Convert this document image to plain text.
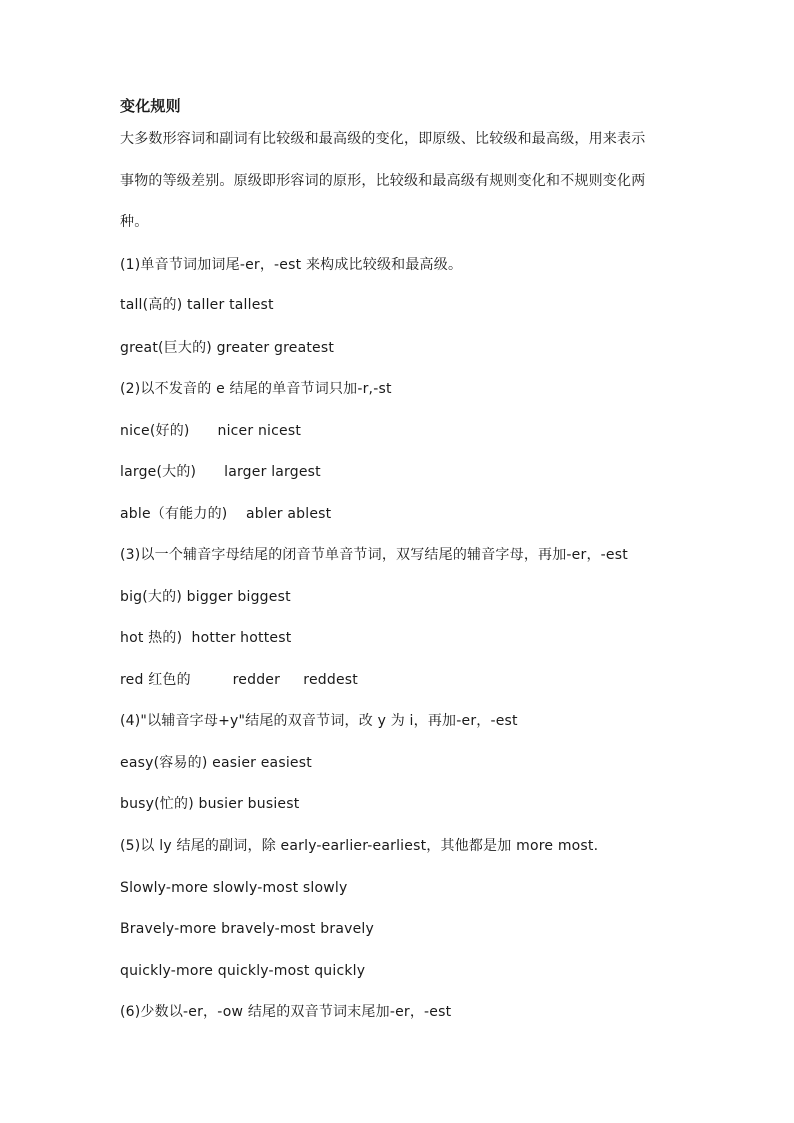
变化规则
大多数形容词和副词有比较级和最高级的变化，即原级、比较级和最高级，用来表示
事物的等级差别。原级即形容词的原形，比较级和最高级有规则变化和不规则变化两
种。
(1)单音节词加词尾-er，-est 来构成比较级和最高级。
tall(高的) taller tallest
great(巨大的) greater greatest
(2)以不发音的 e 结尾的单音节词只加-r,-st
nice(好的)      nicer nicest
large(大的)      larger largest
able（有能力的)    abler ablest
(3)以一个辅音字母结尾的闭音节单音节词，双写结尾的辅音字母，再加-er，-est
big(大的) bigger biggest
hot 热的)  hotter hottest
red 红色的         redder     reddest
(4)"以辅音字母+y"结尾的双音节词，改 y 为 i，再加-er，-est
easy(容易的) easier easiest
busy(忙的) busier busiest
(5)以 ly 结尾的副词，除 early-earlier-earliest，其他都是加 more most.
Slowly-more slowly-most slowly
Bravely-more bravely-most bravely
quickly-more quickly-most quickly
(6)少数以-er，-ow 结尾的双音节词末尾加-er，-est
